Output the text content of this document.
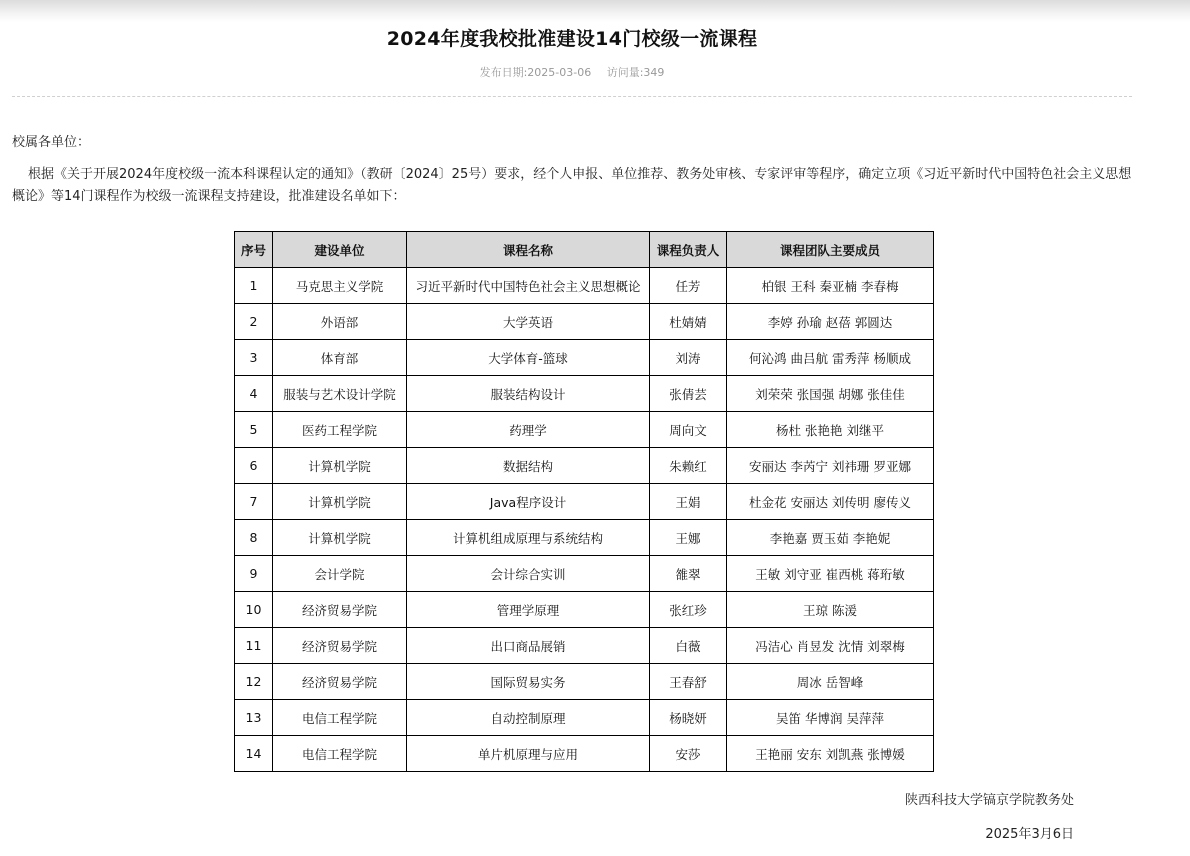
2024年度我校批准建设14门校级一流课程
发布日期:2025-03-06 访问量:349
校属各单位：
根据《关于开展2024年度校级一流本科课程认定的通知》（教研〔2024〕25号）要求，经个人申报、单位推荐、教务处审核、专家评审等程序，确定立项《习近平新时代中国特色社会主义思想概论》等14门课程作为校级一流课程支持建设，批准建设名单如下：
序号	建设单位	课程名称	课程负责人	课程团队主要成员
1	马克思主义学院	习近平新时代中国特色社会主义思想概论	任芳	柏银 王科 秦亚楠 李春梅
2	外语部	大学英语	杜婧婧	李婷 孙瑜 赵蓓 郭圆达
3	体育部	大学体育-篮球	刘涛	何沁鸿 曲吕航 雷秀萍 杨顺成
4	服装与艺术设计学院	服装结构设计	张倩芸	刘荣荣 张国强 胡娜 张佳佳
5	医药工程学院	药理学	周向文	杨杜 张艳艳 刘继平
6	计算机学院	数据结构	朱赖红	安丽达 李芮宁 刘祎珊 罗亚娜
7	计算机学院	Java程序设计	王娟	杜金花 安丽达 刘传明 廖传义
8	计算机学院	计算机组成原理与系统结构	王娜	李艳嘉 贾玉茹 李艳妮
9	会计学院	会计综合实训	雒翠	王敏 刘守亚 崔西桃 蒋珩敏
10	经济贸易学院	管理学原理	张红珍	王琼 陈湲
11	经济贸易学院	出口商品展销	白薇	冯洁心 肖昱发 沈情 刘翠梅
12	经济贸易学院	国际贸易实务	王春舒	周冰 岳智峰
13	电信工程学院	自动控制原理	杨晓妍	吴笛 华博润 吴萍萍
14	电信工程学院	单片机原理与应用	安莎	王艳丽 安东 刘凯燕 张博媛
陕西科技大学镐京学院教务处
2025年3月6日
